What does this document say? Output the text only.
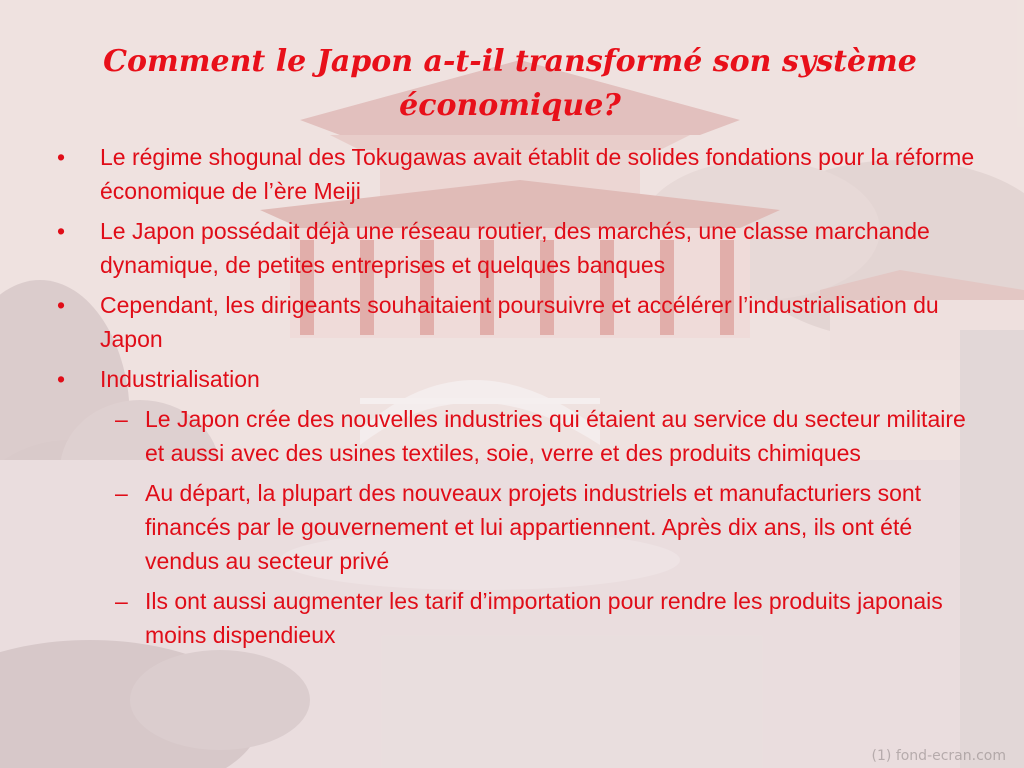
Comment le Japon a-t-il transformé son système économique?
• Le régime shogunal des Tokugawas avait établit de solides fondations pour la réforme économique de l’ère Meiji
• Le Japon possédait déjà une réseau routier, des marchés, une classe marchande dynamique, de petites entreprises et quelques banques
• Cependant, les dirigeants souhaitaient poursuivre et accélérer l’industrialisation du Japon
• Industrialisation
– Le Japon crée des nouvelles industries qui étaient au service du secteur militaire et aussi avec des usines textiles, soie, verre et des produits chimiques
– Au départ, la plupart des nouveaux projets industriels et manufacturiers sont financés par le gouvernement et lui appartiennent. Après dix ans, ils ont été vendus au secteur privé
– Ils ont aussi augmenter les tarif d’importation pour rendre les produits japonais moins dispendieux
(1) fond-ecran.com
